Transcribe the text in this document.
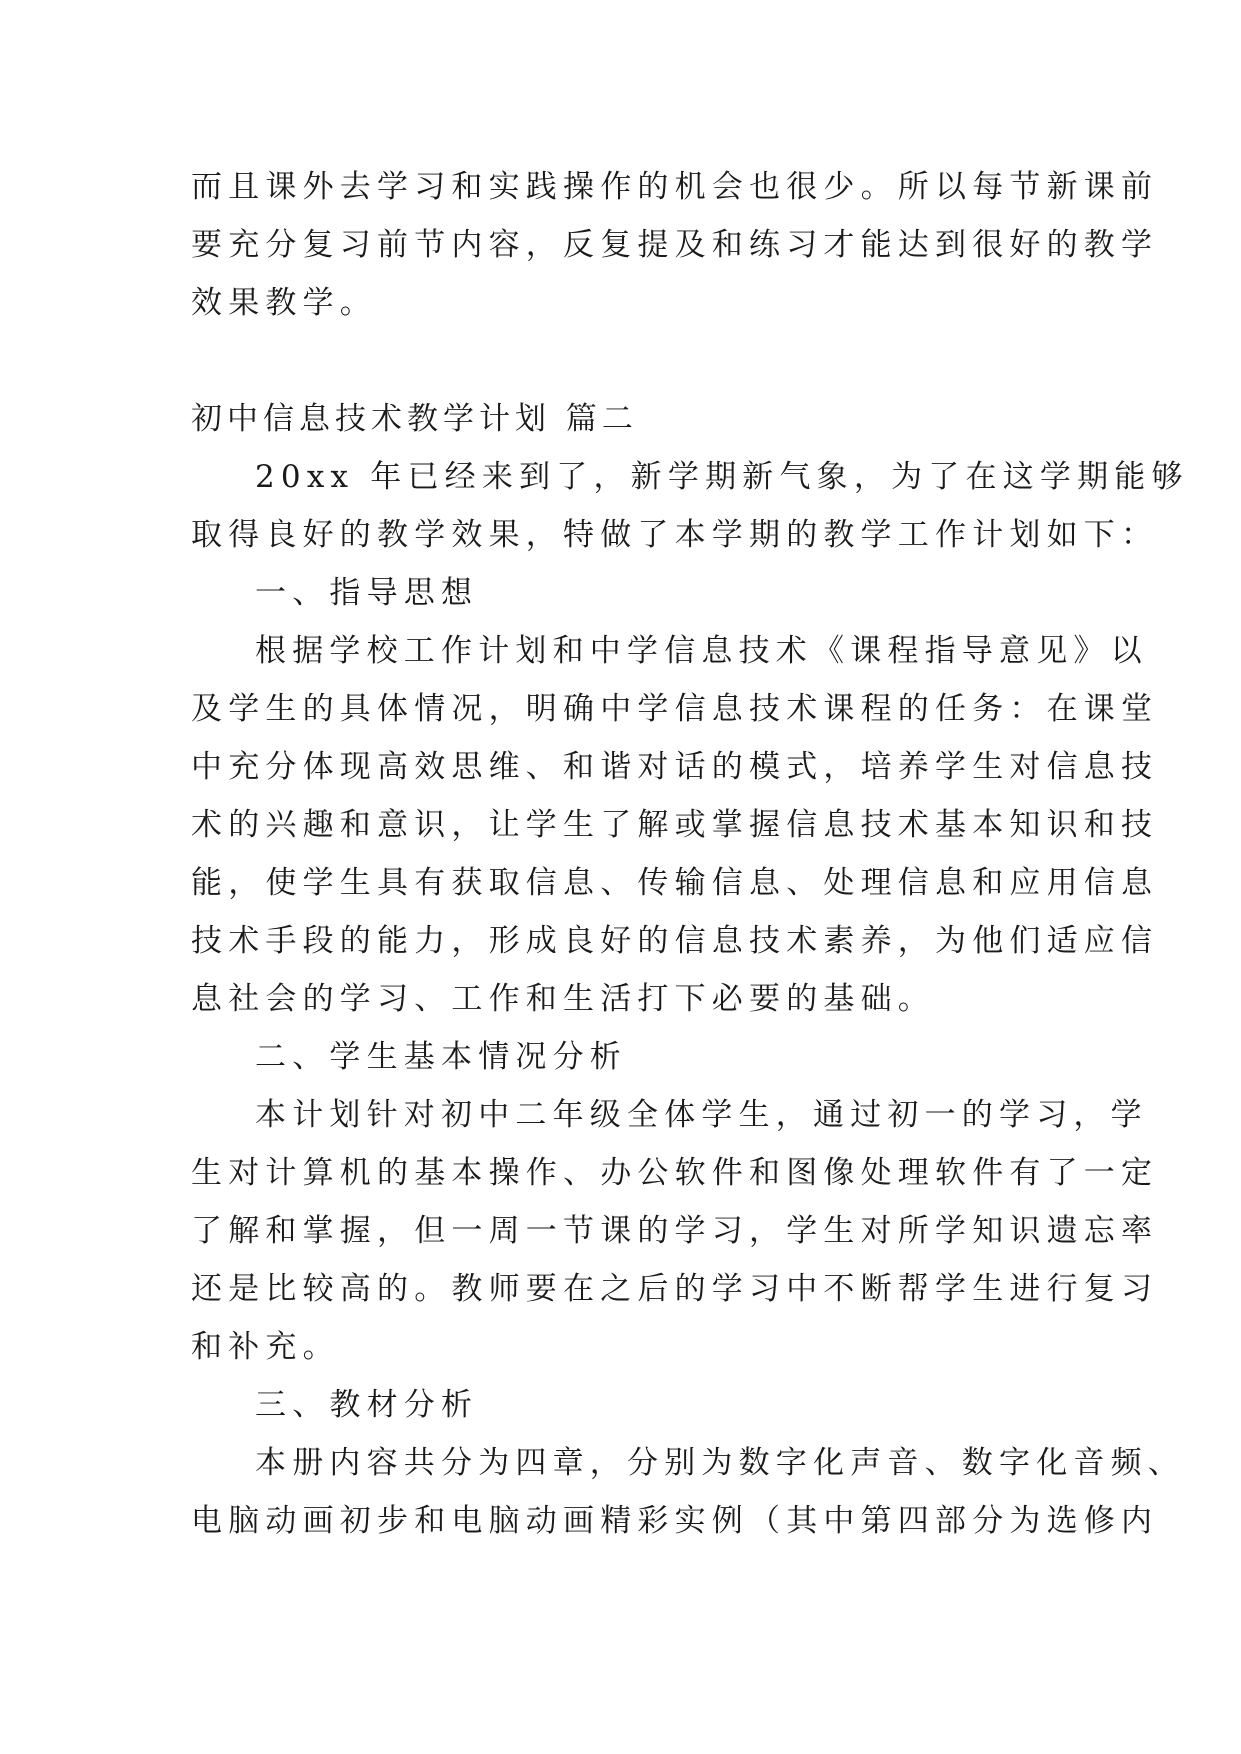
而且课外去学习和实践操作的机会也很少。所以每节新课前
要充分复习前节内容，反复提及和练习才能达到很好的教学
效果教学。
初中信息技术教学计划 篇二
20xx 年已经来到了，新学期新气象，为了在这学期能够
取得良好的教学效果，特做了本学期的教学工作计划如下：
一、指导思想
根据学校工作计划和中学信息技术《课程指导意见》以
及学生的具体情况，明确中学信息技术课程的任务：在课堂
中充分体现高效思维、和谐对话的模式，培养学生对信息技
术的兴趣和意识，让学生了解或掌握信息技术基本知识和技
能，使学生具有获取信息、传输信息、处理信息和应用信息
技术手段的能力，形成良好的信息技术素养，为他们适应信
息社会的学习、工作和生活打下必要的基础。
二、学生基本情况分析
本计划针对初中二年级全体学生，通过初一的学习，学
生对计算机的基本操作、办公软件和图像处理软件有了一定
了解和掌握，但一周一节课的学习，学生对所学知识遗忘率
还是比较高的。教师要在之后的学习中不断帮学生进行复习
和补充。
三、教材分析
本册内容共分为四章，分别为数字化声音、数字化音频、
电脑动画初步和电脑动画精彩实例（其中第四部分为选修内
